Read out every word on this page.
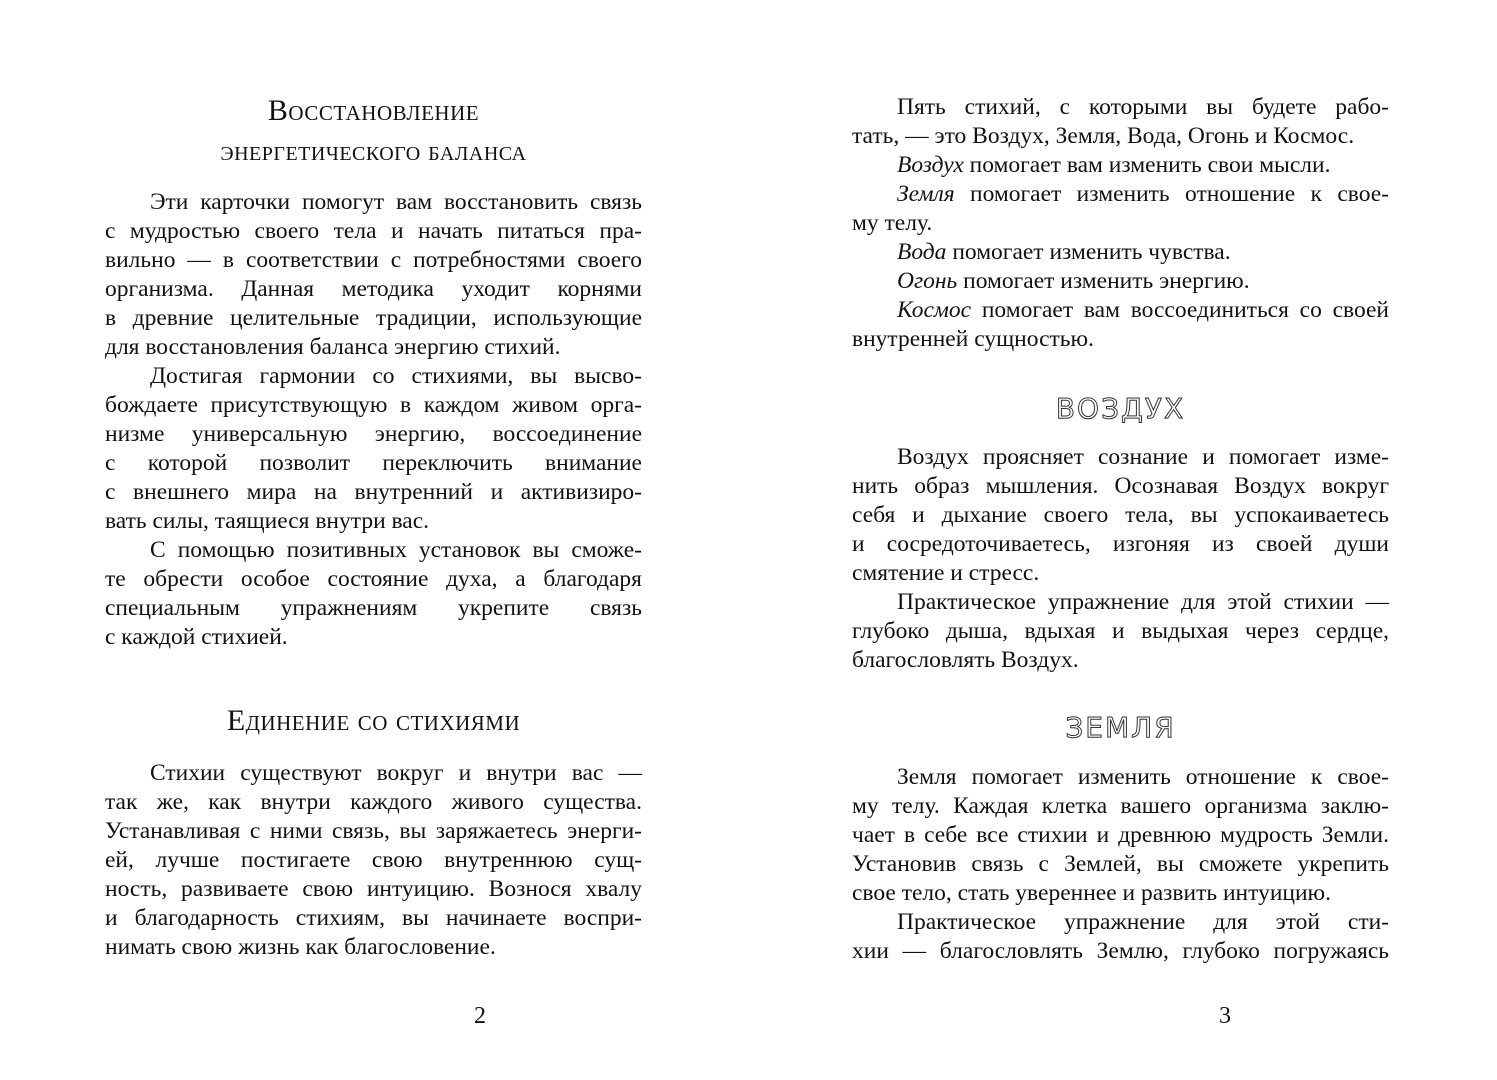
Восстановление
энергетического баланса
Эти карточки помогут вам восстановить связь
с мудростью своего тела и начать питаться пра-
вильно — в соответствии с потребностями своего
организма. Данная методика уходит корнями
в древние целительные традиции, использующие
для восстановления баланса энергию стихий.
Достигая гармонии со стихиями, вы высво-
бождаете присутствующую в каждом живом орга-
низме универсальную энергию, воссоединение
с которой позволит переключить внимание
с внешнего мира на внутренний и активизиро-
вать силы, таящиеся внутри вас.
С помощью позитивных установок вы сможе-
те обрести особое состояние духа, а благодаря
специальным упражнениям укрепите связь
с каждой стихией.
Единение со стихиями
Стихии существуют вокруг и внутри вас —
так же, как внутри каждого живого существа.
Устанавливая с ними связь, вы заряжаетесь энерги-
ей, лучше постигаете свою внутреннюю сущ-
ность, развиваете свою интуицию. Вознося хвалу
и благодарность стихиям, вы начинаете воспри-
нимать свою жизнь как благословение.
2
Пять стихий, с которыми вы будете рабо-
тать, — это Воздух, Земля, Вода, Огонь и Космос.
Воздух помогает вам изменить свои мысли.
Земля помогает изменить отношение к свое-
му телу.
Вода помогает изменить чувства.
Огонь помогает изменить энергию.
Космос помогает вам воссоединиться со своей
внутренней сущностью.
ВОЗДУХ
Воздух проясняет сознание и помогает изме-
нить образ мышления. Осознавая Воздух вокруг
себя и дыхание своего тела, вы успокаиваетесь
и сосредоточиваетесь, изгоняя из своей души
смятение и стресс.
Практическое упражнение для этой стихии —
глубоко дыша, вдыхая и выдыхая через сердце,
благословлять Воздух.
ЗЕМЛЯ
Земля помогает изменить отношение к свое-
му телу. Каждая клетка вашего организма заклю-
чает в себе все стихии и древнюю мудрость Земли.
Установив связь с Землей, вы сможете укрепить
свое тело, стать увереннее и развить интуицию.
Практическое упражнение для этой сти-
хии — благословлять Землю, глубоко погружаясь
3
